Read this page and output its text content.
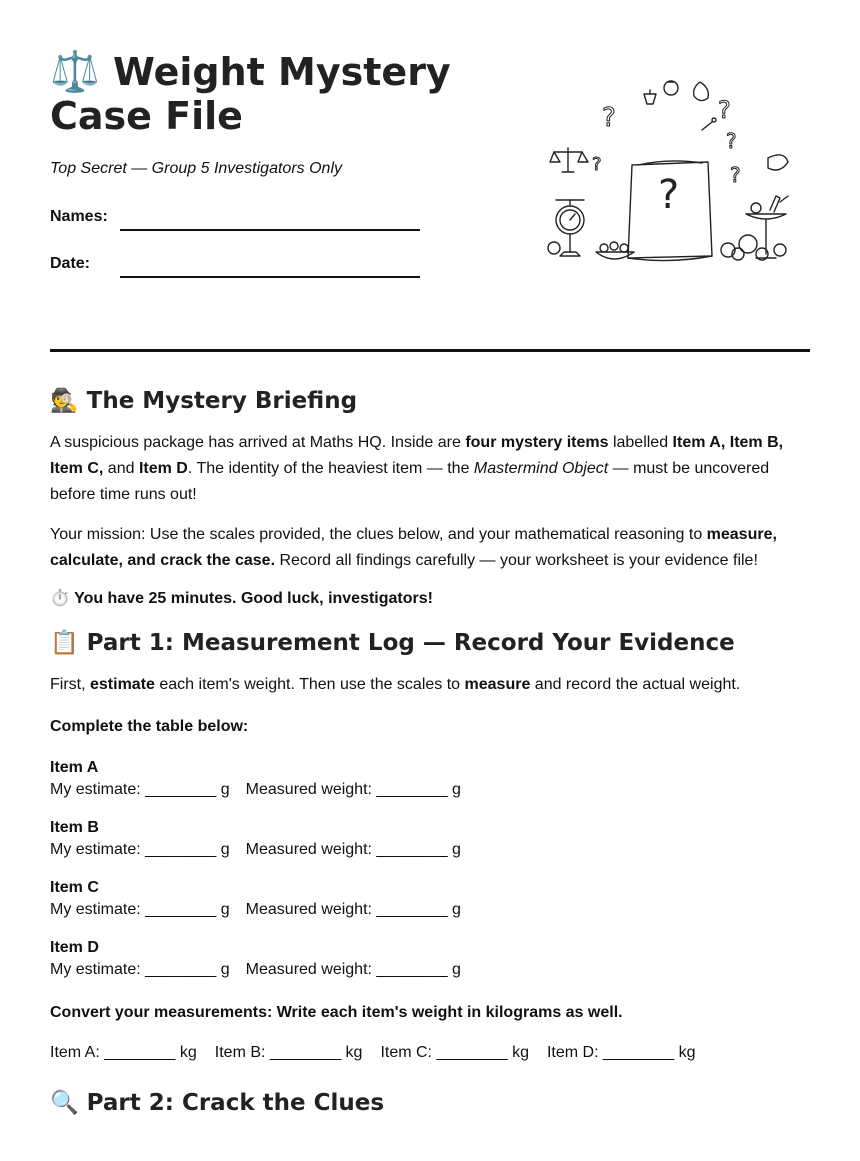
⚖️ Weight Mystery Case File
Top Secret — Group 5 Investigators Only
Names:
Date:
?
?	?
?
?
?
🕵️ The Mystery Briefing

A suspicious package has arrived at Maths HQ. Inside are four mystery items labelled Item A, Item B, Item C, and Item D. The identity of the heaviest item — the Mastermind Object — must be uncovered before time runs out!

Your mission: Use the scales provided, the clues below, and your mathematical reasoning to measure, calculate, and crack the case. Record all findings carefully — your worksheet is your evidence file!

⏱️ You have 25 minutes. Good luck, investigators!
📋 Part 1: Measurement Log — Record Your Evidence

First, estimate each item's weight. Then use the scales to measure and record the actual weight.

Complete the table below:
Item A
My estimate: ________ g Measured weight: ________ g
Item B
My estimate: ________ g Measured weight: ________ g
Item C
My estimate: ________ g Measured weight: ________ g
Item D
My estimate: ________ g Measured weight: ________ g
Convert your measurements: Write each item's weight in kilograms as well.
Item A: ________ kg Item B: ________ kg Item C: ________ kg Item D: ________ kg
🔍 Part 2: Crack the Clues
